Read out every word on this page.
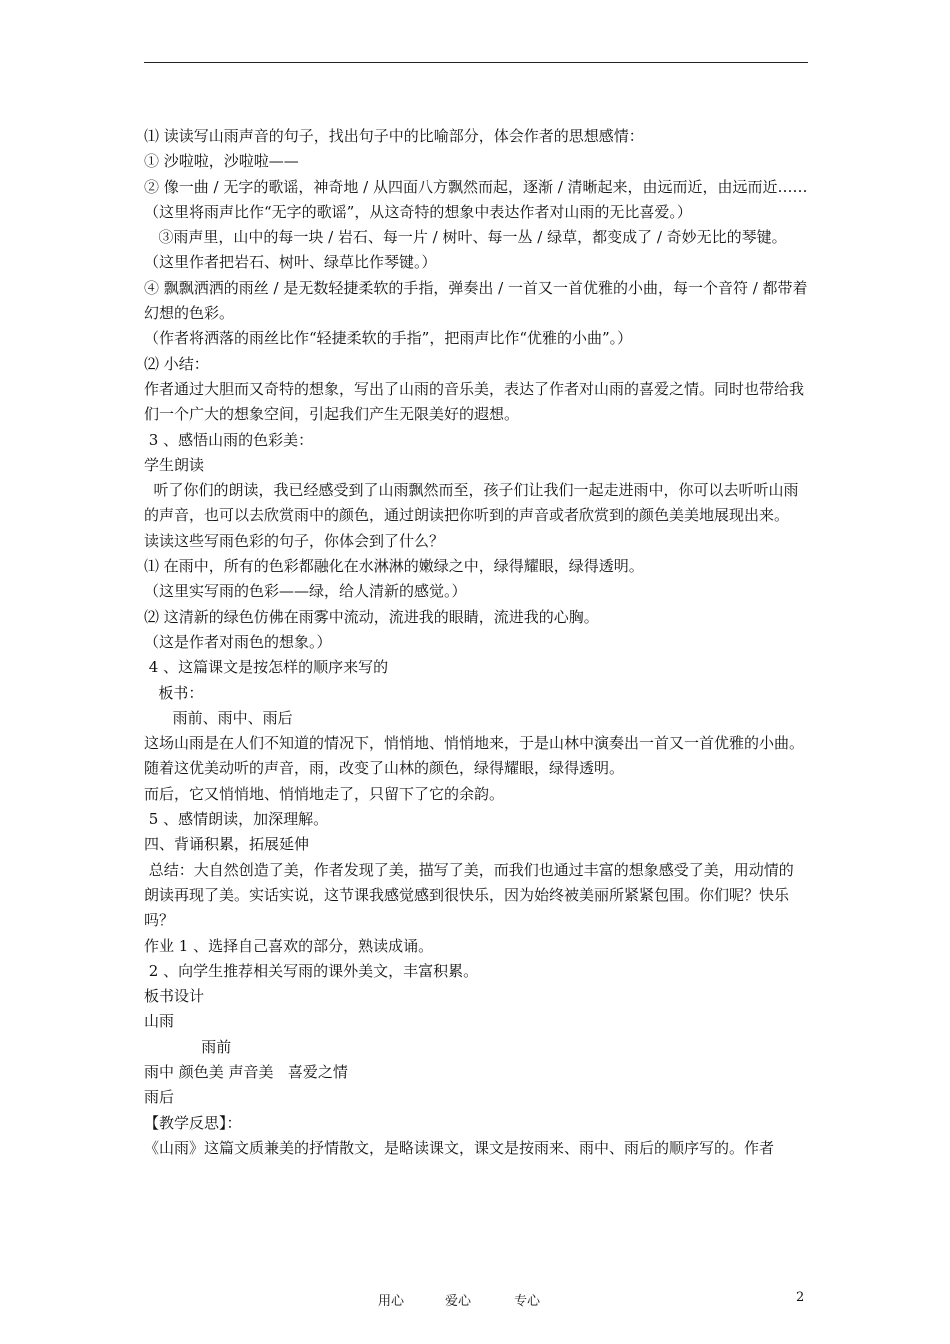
⑴ 读读写山雨声音的句子，找出句子中的比喻部分，体会作者的思想感情：

① 沙啦啦，沙啦啦——

② 像一曲 / 无字的歌谣，神奇地 / 从四面八方飘然而起，逐渐 / 清晰起来，由远而近，由远而近……

（这里将雨声比作“无字的歌谣”，从这奇特的想象中表达作者对山雨的无比喜爱。）

③雨声里，山中的每一块 / 岩石、每一片 / 树叶、每一丛 / 绿草，都变成了 / 奇妙无比的琴键。

（这里作者把岩石、树叶、绿草比作琴键。）

④ 飘飘洒洒的雨丝 / 是无数轻捷柔软的手指，弹奏出 / 一首又一首优雅的小曲，每一个音符 / 都带着幻想的色彩。

（作者将洒落的雨丝比作“轻捷柔软的手指”，把雨声比作“优雅的小曲”。）

⑵ 小结：

作者通过大胆而又奇特的想象，写出了山雨的音乐美，表达了作者对山雨的喜爱之情。同时也带给我们一个广大的想象空间，引起我们产生无限美好的遐想。

3 、感悟山雨的色彩美：

学生朗读

听了你们的朗读，我已经感受到了山雨飘然而至，孩子们让我们一起走进雨中，你可以去听听山雨的声音，也可以去欣赏雨中的颜色，通过朗读把你听到的声音或者欣赏到的颜色美美地展现出来。

读读这些写雨色彩的句子，你体会到了什么？

⑴ 在雨中，所有的色彩都融化在水淋淋的嫩绿之中，绿得耀眼，绿得透明。

（这里实写雨的色彩——绿，给人清新的感觉。）

⑵ 这清新的绿色仿佛在雨雾中流动，流进我的眼睛，流进我的心胸。

（这是作者对雨色的想象。）

4 、这篇课文是按怎样的顺序来写的

板书：

雨前、雨中、雨后

这场山雨是在人们不知道的情况下，悄悄地、悄悄地来，于是山林中演奏出一首又一首优雅的小曲。随着这优美动听的声音，雨，改变了山林的颜色，绿得耀眼，绿得透明。

而后，它又悄悄地、悄悄地走了，只留下了它的余韵。

5 、感情朗读，加深理解。

四、背诵积累，拓展延伸

总结：大自然创造了美，作者发现了美，描写了美，而我们也通过丰富的想象感受了美，用动情的朗读再现了美。实话实说，这节课我感觉感到很快乐，因为始终被美丽所紧紧包围。你们呢？快乐吗？

作业 1 、选择自己喜欢的部分，熟读成诵。

2 、向学生推荐相关写雨的课外美文，丰富积累。

板书设计

山雨

雨前

雨中 颜色美 声音美   喜爱之情

雨后

【教学反思】：

《山雨》这篇文质兼美的抒情散文，是略读课文，课文是按雨来、雨中、雨后的顺序写的。作者

用心	爱心	专心	2
